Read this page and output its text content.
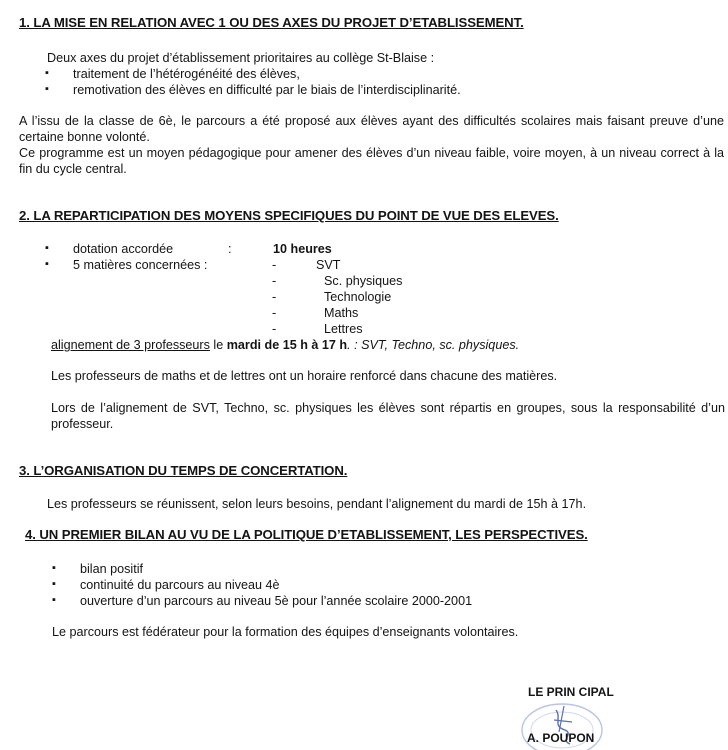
1. LA MISE EN RELATION AVEC 1 OU DES AXES DU PROJET D’ETABLISSEMENT.
Deux axes du projet d’établissement prioritaires au collège St-Blaise :
▪ traitement de l’hétérogénéité des élèves,
▪ remotivation des élèves en difficulté par le biais de l’interdisciplinarité.
A l’issu de la classe de 6è, le parcours a été proposé aux élèves ayant des difficultés scolaires mais faisant preuve d’une certaine bonne volonté.
Ce programme est un moyen pédagogique pour amener des élèves d’un niveau faible, voire moyen, à un niveau correct à la fin du cycle central.
2. LA REPARTICIPATION DES MOYENS SPECIFIQUES DU POINT DE VUE DES ELEVES.
▪ dotation accordée	:	10 heures
▪ 5 matières concernées :	-	SVT
-	Sc. physiques
-	Technologie
-	Maths
-	Lettres
alignement de 3 professeurs le mardi de 15 h à 17 h. : SVT, Techno, sc. physiques.
Les professeurs de maths et de lettres ont un horaire renforcé dans chacune des matières.
Lors de l’alignement de SVT, Techno, sc. physiques les élèves sont répartis en groupes, sous la responsabilité d’un professeur.
3. L’ORGANISATION DU TEMPS DE CONCERTATION.
Les professeurs se réunissent, selon leurs besoins, pendant l’alignement du mardi de 15h à 17h.
4. UN PREMIER BILAN AU VU DE LA POLITIQUE D’ETABLISSEMENT, LES PERSPECTIVES.
▪ bilan positif
▪ continuité du parcours au niveau 4è
▪ ouverture d’un parcours au niveau 5è pour l’année scolaire 2000-2001
Le parcours est fédérateur pour la formation des équipes d’enseignants volontaires.
LE PRIN CIPAL
A. POUPON
